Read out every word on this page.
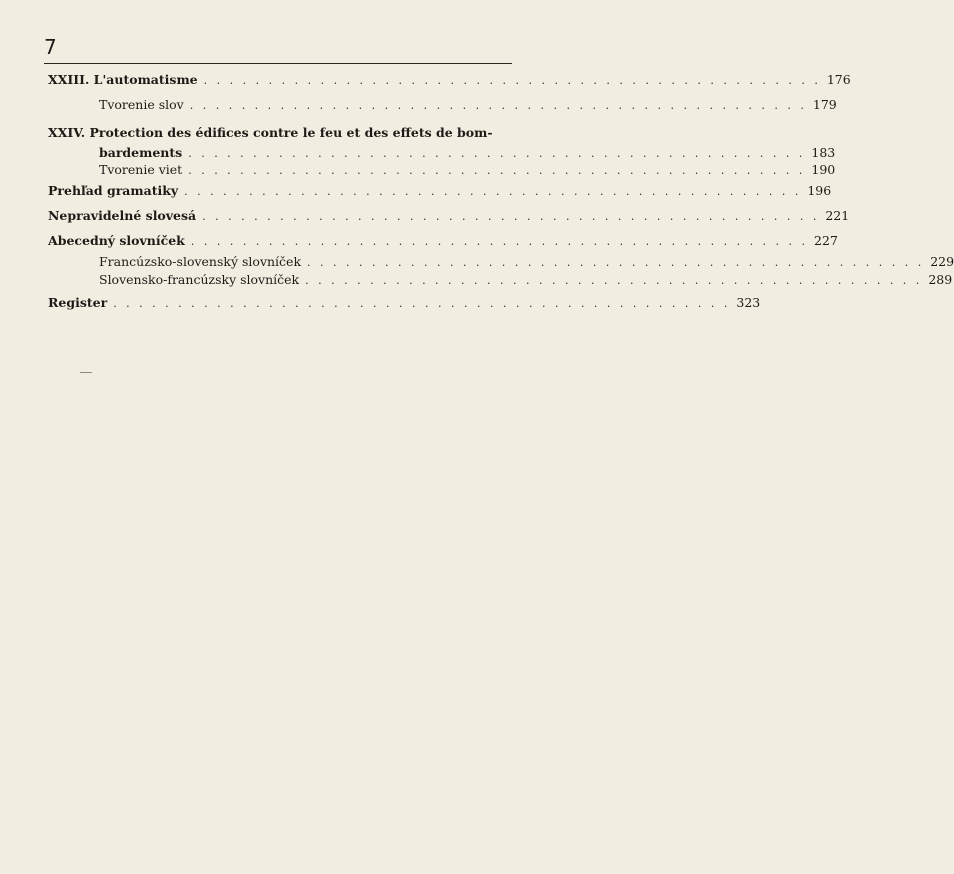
7
XXIII.
L'automatisme . . . . . . . . . . . . . . . . . . . . . . . . . . . . . . . . . . . . . . . . . . . . . . . . 176
Tvorenie slov . . . . . . . . . . . . . . . . . . . . . . . . . . . . . . . . . . . . . . . . . . . . . . . . 179
XXIV. Protection des édifices contre le feu et des effets de bom-
bardements . . . . . . . . . . . . . . . . . . . . . . . . . . . . . . . . . . . . . . . . . . . . . . . . 183
Tvorenie viet . . . . . . . . . . . . . . . . . . . . . . . . . . . . . . . . . . . . . . . . . . . . . . . . 190
Prehľad gramatiky . . . . . . . . . . . . . . . . . . . . . . . . . . . . . . . . . . . . . . . . . . . . . . . . 196
Nepravidelné slovesá . . . . . . . . . . . . . . . . . . . . . . . . . . . . . . . . . . . . . . . . . . . . . . . . 221
Abecedný slovníček . . . . . . . . . . . . . . . . . . . . . . . . . . . . . . . . . . . . . . . . . . . . . . . . 227
Francúzsko-slovenský slovníček . . . . . . . . . . . . . . . . . . . . . . . . . . . . . . . . . . . . . . . . . . . . . . . . 229
Slovensko-francúzsky slovníček . . . . . . . . . . . . . . . . . . . . . . . . . . . . . . . . . . . . . . . . . . . . . . . . 289
Register . . . . . . . . . . . . . . . . . . . . . . . . . . . . . . . . . . . . . . . . . . . . . . . . 323
